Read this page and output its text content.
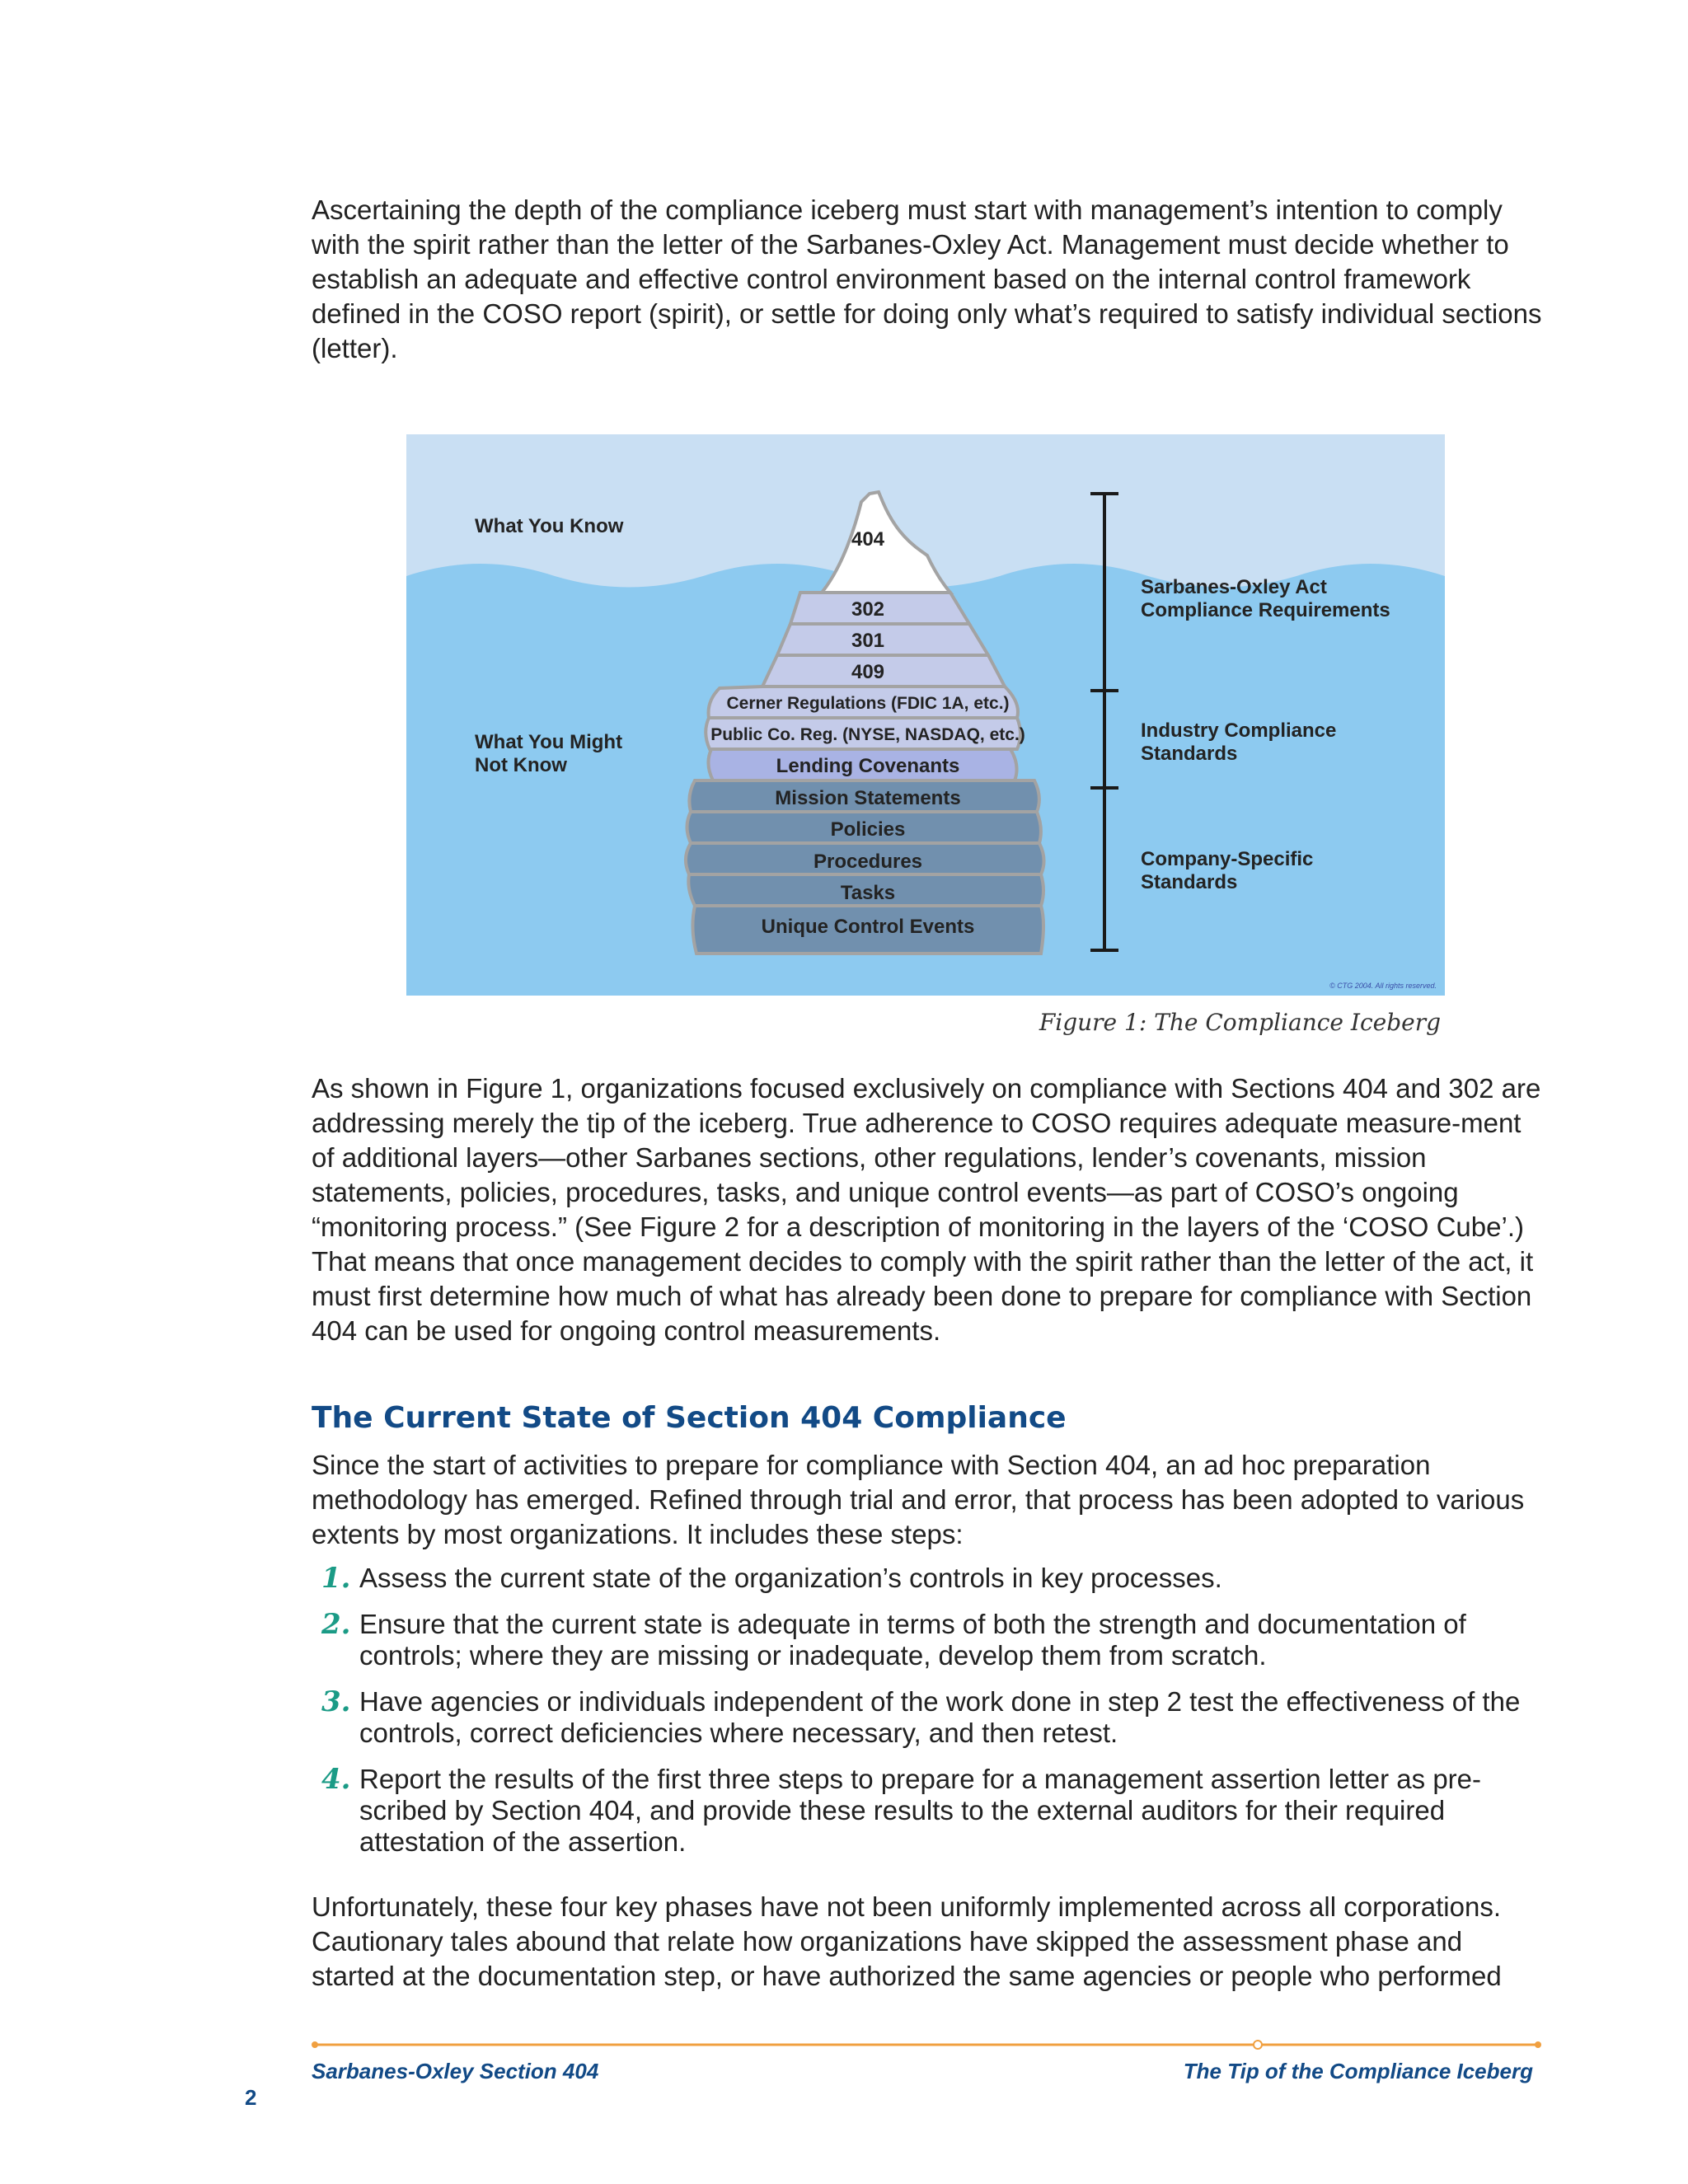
Ascertaining the depth of the compliance iceberg must start with management’s intention to comply with the spirit rather than the letter of the Sarbanes-Oxley Act. Management must decide whether to establish an adequate and effective control environment based on the internal control framework defined in the COSO report (spirit), or settle for doing only what’s required to satisfy individual sections (letter).

404
302
301
409
Cerner Regulations (FDIC 1A, etc.)
Public Co. Reg. (NYSE, NASDAQ, etc.)
Lending Covenants
Mission Statements
Policies
Procedures
Tasks
Unique Control Events
What You Know
What You Might
Not Know
Sarbanes-Oxley Act
Compliance Requirements
Industry Compliance
Standards
Company-Specific
Standards
© CTG 2004. All rights reserved.
Figure 1: The Compliance Iceberg

As shown in Figure 1, organizations focused exclusively on compliance with Sections 404 and 302 are addressing merely the tip of the iceberg. True adherence to COSO requires adequate measure-ment of additional layers—other Sarbanes sections, other regulations, lender’s covenants, mission statements, policies, procedures, tasks, and unique control events—as part of COSO’s ongoing “monitoring process.” (See Figure 2 for a description of monitoring in the layers of the ‘COSO Cube’.) That means that once management decides to comply with the spirit rather than the letter of the act, it must first determine how much of what has already been done to prepare for compliance with Section 404 can be used for ongoing control measurements.

The Current State of Section 404 Compliance

Since the start of activities to prepare for compliance with Section 404, an ad hoc preparation methodology has emerged. Refined through trial and error, that process has been adopted to various extents by most organizations. It includes these steps:

1. Assess the current state of the organization’s controls in key processes.
2. Ensure that the current state is adequate in terms of both the strength and documentation of controls; where they are missing or inadequate, develop them from scratch.
3. Have agencies or individuals independent of the work done in step 2 test the effectiveness of the controls, correct deficiencies where necessary, and then retest.
4. Report the results of the first three steps to prepare for a management assertion letter as pre-scribed by Section 404, and provide these results to the external auditors for their required attestation of the assertion.

Unfortunately, these four key phases have not been uniformly implemented across all corporations. Cautionary tales abound that relate how organizations have skipped the assessment phase and started at the documentation step, or have authorized the same agencies or people who performed

Sarbanes-Oxley Section 404	The Tip of the Compliance Iceberg
2
